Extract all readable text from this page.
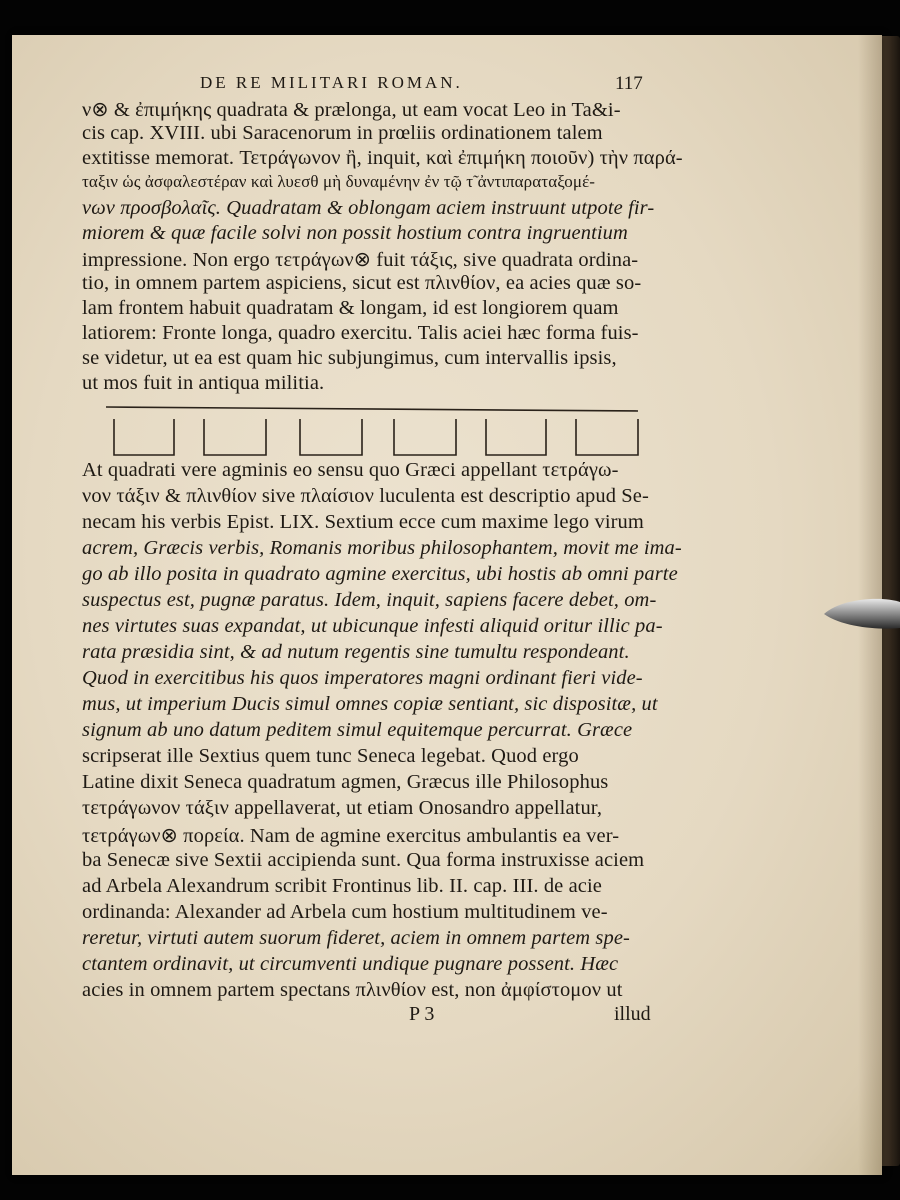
DE RE MILITARI ROMAN.	117
ν⊗ & ἐπιμήκης quadrata & prælonga, ut eam vocat Leo in Ta&i-
cis cap. XVIII. ubi Saracenorum in prœliis ordinationem talem
extitisse memorat. Τετράγωνον ἢ, inquit, καὶ ἐπιμήκη ποιοῦν) τὴν παρά-
ταξιν ὡς ἀσφαλεστέραν καὶ λυεσθ μὴ δυναμένην ἐν τῷ τ̃ ἀντιπαραταξομέ-
νων προσβολαῖς. Quadratam & oblongam aciem instruunt utpote fir-
miorem & quæ facile solvi non possit hostium contra ingruentium
impressione. Non ergo τετράγων⊗ fuit τάξις, sive quadrata ordina-
tio, in omnem partem aspiciens, sicut est πλινθίον, ea acies quæ so-
lam frontem habuit quadratam & longam, id est longiorem quam
latiorem: Fronte longa, quadro exercitu. Talis aciei hæc forma fuis-
se videtur, ut ea est quam hic subjungimus, cum intervallis ipsis,
ut mos fuit in antiqua militia.
At quadrati vere agminis eo sensu quo Græci appellant τετράγω-
νον τάξιν & πλινθίον sive πλαίσιον luculenta est descriptio apud Se-
necam his verbis Epist. LIX. Sextium ecce cum maxime lego virum
acrem, Græcis verbis, Romanis moribus philosophantem, movit me ima-
go ab illo posita in quadrato agmine exercitus, ubi hostis ab omni parte
suspectus est, pugnæ paratus. Idem, inquit, sapiens facere debet, om-
nes virtutes suas expandat, ut ubicunque infesti aliquid oritur illic pa-
rata præsidia sint, & ad nutum regentis sine tumultu respondeant.
Quod in exercitibus his quos imperatores magni ordinant fieri vide-
mus, ut imperium Ducis simul omnes copiæ sentiant, sic dispositæ, ut
signum ab uno datum peditem simul equitemque percurrat. Græce
scripserat ille Sextius quem tunc Seneca legebat. Quod ergo
Latine dixit Seneca quadratum agmen, Græcus ille Philosophus
τετράγωνον τάξιν appellaverat, ut etiam Onosandro appellatur,
τετράγων⊗ πορεία. Nam de agmine exercitus ambulantis ea ver-
ba Senecæ sive Sextii accipienda sunt. Qua forma instruxisse aciem
ad Arbela Alexandrum scribit Frontinus lib. II. cap. III. de acie
ordinanda: Alexander ad Arbela cum hostium multitudinem ve-
reretur, virtuti autem suorum fideret, aciem in omnem partem spe-
ctantem ordinavit, ut circumventi undique pugnare possent. Hæc
P 3	illud
acies in omnem partem spectans πλινθίον est, non ἀμφίστομον ut
